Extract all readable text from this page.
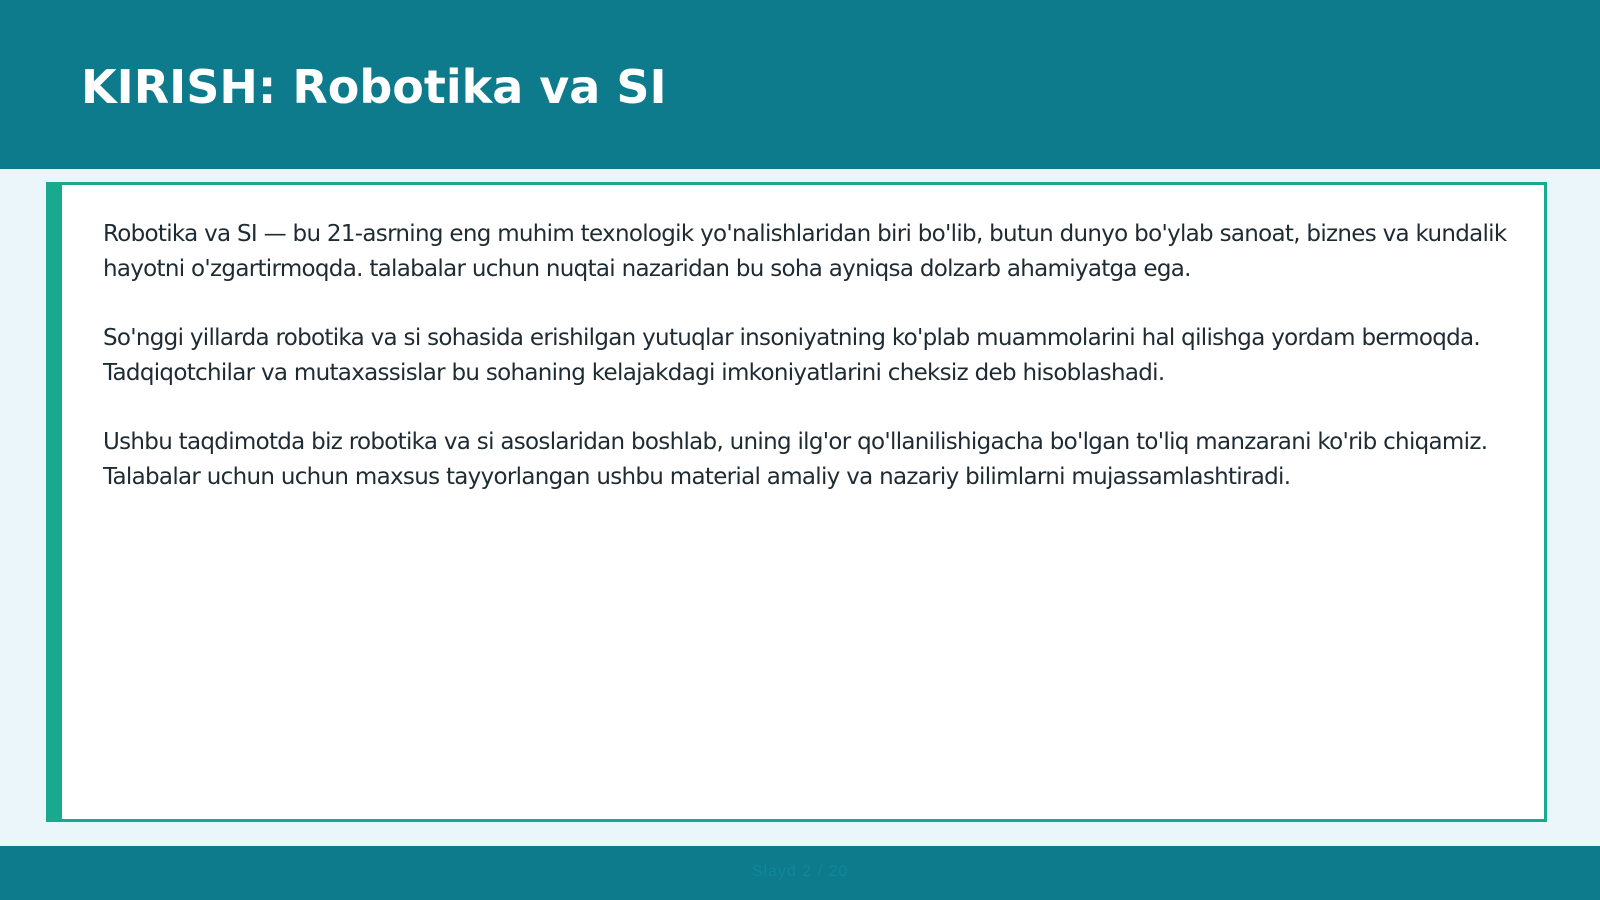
KIRISH: Robotika va SI

Robotika va SI — bu 21-asrning eng muhim texnologik yo'nalishlaridan biri bo'lib, butun dunyo bo'ylab sanoat, biznes va kundalik hayotni o'zgartirmoqda. talabalar uchun nuqtai nazaridan bu soha ayniqsa dolzarb ahamiyatga ega.

So'nggi yillarda robotika va si sohasida erishilgan yutuqlar insoniyatning ko'plab muammolarini hal qilishga yordam bermoqda. Tadqiqotchilar va mutaxassislar bu sohaning kelajakdagi imkoniyatlarini cheksiz deb hisoblashadi.

Ushbu taqdimotda biz robotika va si asoslaridan boshlab, uning ilg'or qo'llanilishigacha bo'lgan to'liq manzarani ko'rib chiqamiz. Talabalar uchun uchun maxsus tayyorlangan ushbu material amaliy va nazariy bilimlarni mujassamlashtiradi.

Slayd 2 / 20
